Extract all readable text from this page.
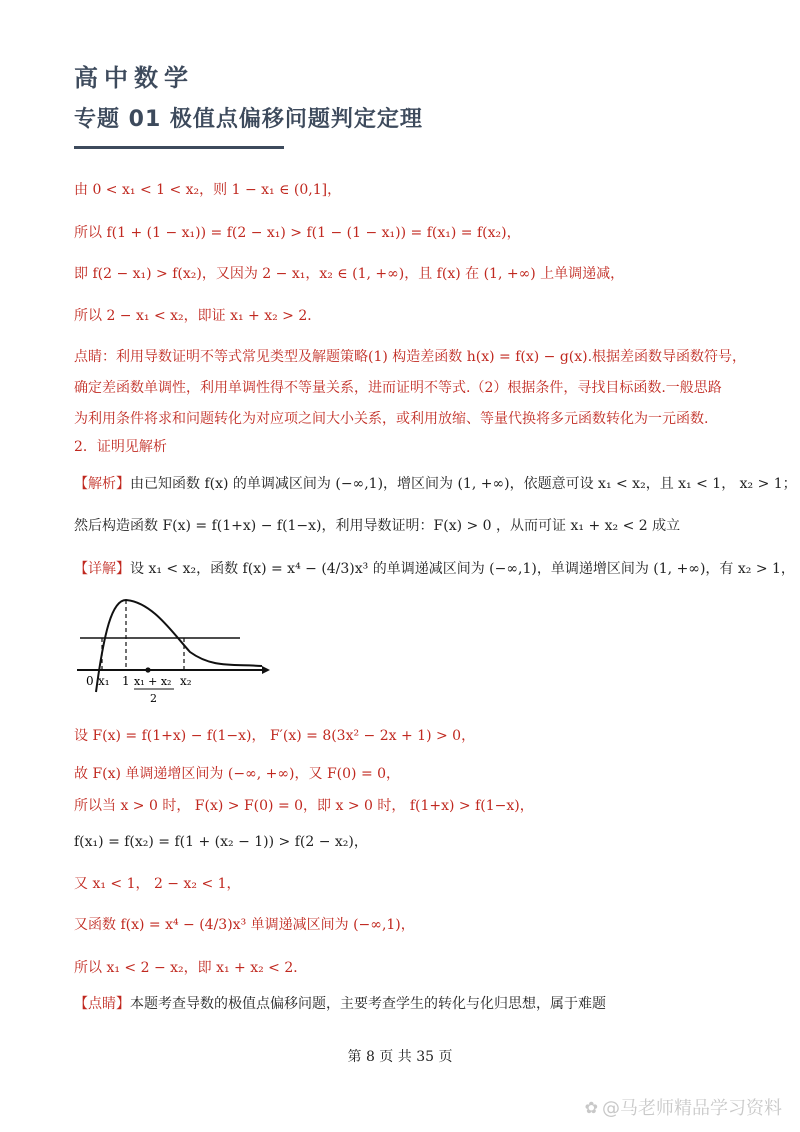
高中数学
专题 01 极值点偏移问题判定定理
由 0 < x₁ < 1 < x₂，则 1 − x₁ ∈ (0,1]，
所以 f(1 + (1 − x₁)) = f(2 − x₁) > f(1 − (1 − x₁)) = f(x₁) = f(x₂)，
即 f(2 − x₁) > f(x₂)，又因为 2 − x₁，x₂ ∈ (1, +∞)，且 f(x) 在 (1, +∞) 上单调递减，
所以 2 − x₁ < x₂，即证 x₁ + x₂ > 2．
点睛：利用导数证明不等式常见类型及解题策略(1) 构造差函数 h(x) = f(x) − g(x).根据差函数导函数符号，
确定差函数单调性，利用单调性得不等量关系，进而证明不等式.（2）根据条件，寻找目标函数.一般思路
为利用条件将求和问题转化为对应项之间大小关系，或利用放缩、等量代换将多元函数转化为一元函数.
2．证明见解析
【解析】由已知函数 f(x) 的单调减区间为 (−∞,1)，增区间为 (1, +∞)，依题意可设 x₁ < x₂，且 x₁ < 1， x₂ > 1；
然后构造函数 F(x) = f(1+x) − f(1−x)，利用导数证明：F(x) > 0 ，从而可证 x₁ + x₂ < 2 成立
【详解】设 x₁ < x₂，函数 f(x) = x⁴ − (4/3)x³ 的单调递减区间为 (−∞,1)，单调递增区间为 (1, +∞)，有 x₂ > 1，
0 x₁ 1 x₁ + x₂
2
x₂
设 F(x) = f(1+x) − f(1−x)， F′(x) = 8(3x² − 2x + 1) > 0，
故 F(x) 单调递增区间为 (−∞, +∞)，又 F(0) = 0，
所以当 x > 0 时， F(x) > F(0) = 0，即 x > 0 时， f(1+x) > f(1−x)，
f(x₁) = f(x₂) = f(1 + (x₂ − 1)) > f(2 − x₂)，
又 x₁ < 1， 2 − x₂ < 1，
又函数 f(x) = x⁴ − (4/3)x³ 单调递减区间为 (−∞,1)，
所以 x₁ < 2 − x₂，即 x₁ + x₂ < 2．
【点睛】本题考查导数的极值点偏移问题，主要考查学生的转化与化归思想，属于难题
第 8 页 共 35 页
✿ @马老师精品学习资料
